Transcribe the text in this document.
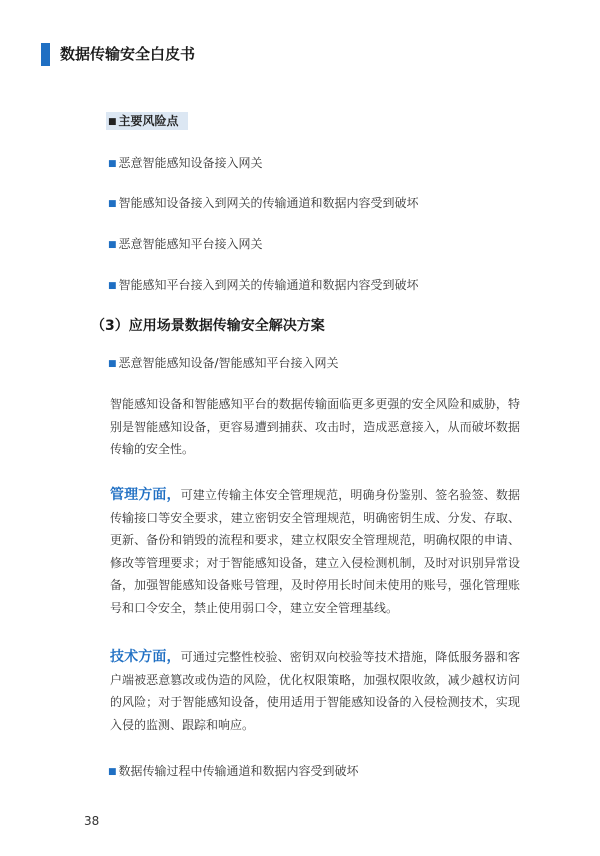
数据传输安全白皮书
■ 主要风险点
■ 恶意智能感知设备接入网关
■ 智能感知设备接入到网关的传输通道和数据内容受到破坏
■ 恶意智能感知平台接入网关
■ 智能感知平台接入到网关的传输通道和数据内容受到破坏
（3）应用场景数据传输安全解决方案
■ 恶意智能感知设备/智能感知平台接入网关
智能感知设备和智能感知平台的数据传输面临更多更强的安全风险和威胁，特别是智能感知设备，更容易遭到捕获、攻击时，造成恶意接入，从而破坏数据传输的安全性。
管理方面，可建立传输主体安全管理规范，明确身份鉴别、签名验签、数据传输接口等安全要求，建立密钥安全管理规范，明确密钥生成、分发、存取、更新、备份和销毁的流程和要求，建立权限安全管理规范，明确权限的申请、修改等管理要求；对于智能感知设备，建立入侵检测机制，及时对识别异常设备，加强智能感知设备账号管理，及时停用长时间未使用的账号，强化管理账号和口令安全，禁止使用弱口令，建立安全管理基线。
技术方面，可通过完整性校验、密钥双向校验等技术措施，降低服务器和客户端被恶意篡改或伪造的风险，优化权限策略，加强权限收敛，减少越权访问的风险；对于智能感知设备，使用适用于智能感知设备的入侵检测技术，实现入侵的监测、跟踪和响应。
■ 数据传输过程中传输通道和数据内容受到破坏
38
